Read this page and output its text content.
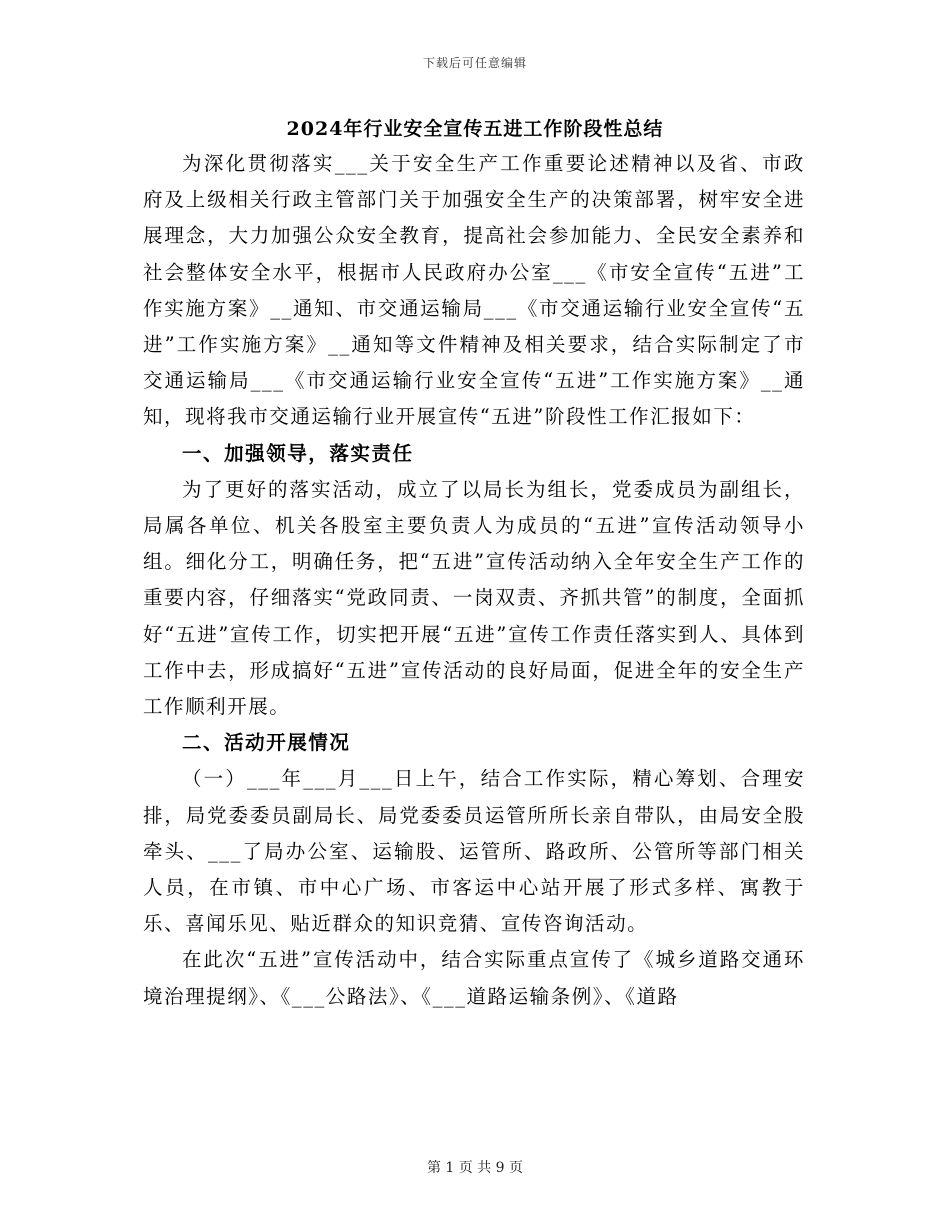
下载后可任意编辑
2024年行业安全宣传五进工作阶段性总结

为深化贯彻落实___关于安全生产工作重要论述精神以及省、市政府及上级相关行政主管部门关于加强安全生产的决策部署，树牢安全进展理念，大力加强公众安全教育，提高社会参加能力、全民安全素养和社会整体安全水平，根据市人民政府办公室___《市安全宣传“五进”工作实施方案》__通知、市交通运输局___《市交通运输行业安全宣传“五进”工作实施方案》__通知等文件精神及相关要求，结合实际制定了市交通运输局___《市交通运输行业安全宣传“五进”工作实施方案》__通知，现将我市交通运输行业开展宣传“五进”阶段性工作汇报如下：

一、加强领导，落实责任

为了更好的落实活动，成立了以局长为组长，党委成员为副组长，局属各单位、机关各股室主要负责人为成员的“五进”宣传活动领导小组。细化分工，明确任务，把“五进”宣传活动纳入全年安全生产工作的重要内容，仔细落实“党政同责、一岗双责、齐抓共管”的制度，全面抓好“五进”宣传工作，切实把开展“五进”宣传工作责任落实到人、具体到工作中去，形成搞好“五进”宣传活动的良好局面，促进全年的安全生产工作顺利开展。

二、活动开展情况

（一）___年___月___日上午，结合工作实际，精心筹划、合理安排，局党委委员副局长、局党委委员运管所所长亲自带队，由局安全股牵头、___了局办公室、运输股、运管所、路政所、公管所等部门相关人员，在市镇、市中心广场、市客运中心站开展了形式多样、寓教于乐、喜闻乐见、贴近群众的知识竞猜、宣传咨询活动。

在此次“五进”宣传活动中，结合实际重点宣传了《城乡道路交通环境治理提纲》、《___公路法》、《___道路运输条例》、《道路

第 1 页 共 9 页
